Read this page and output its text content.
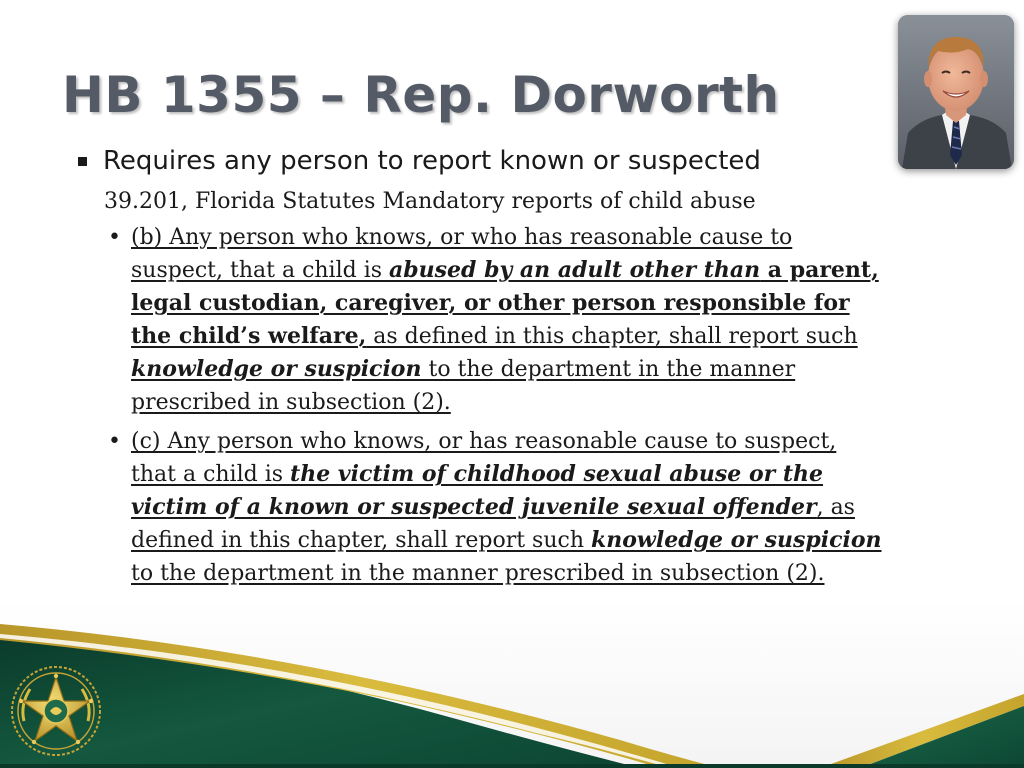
HB 1355 – Rep. Dorworth

Requires any person to report known or suspected

39.201, Florida Statutes Mandatory reports of child abuse
• (b) Any person who knows, or who has reasonable cause to
suspect, that a child is abused by an adult other than a parent,
legal custodian, caregiver, or other person responsible for
the child’s welfare, as defined in this chapter, shall report such
knowledge or suspicion to the department in the manner
prescribed in subsection (2).
• (c) Any person who knows, or has reasonable cause to suspect,
that a child is the victim of childhood sexual abuse or the
victim of a known or suspected juvenile sexual offender, as
defined in this chapter, shall report such knowledge or suspicion
to the department in the manner prescribed in subsection (2).
